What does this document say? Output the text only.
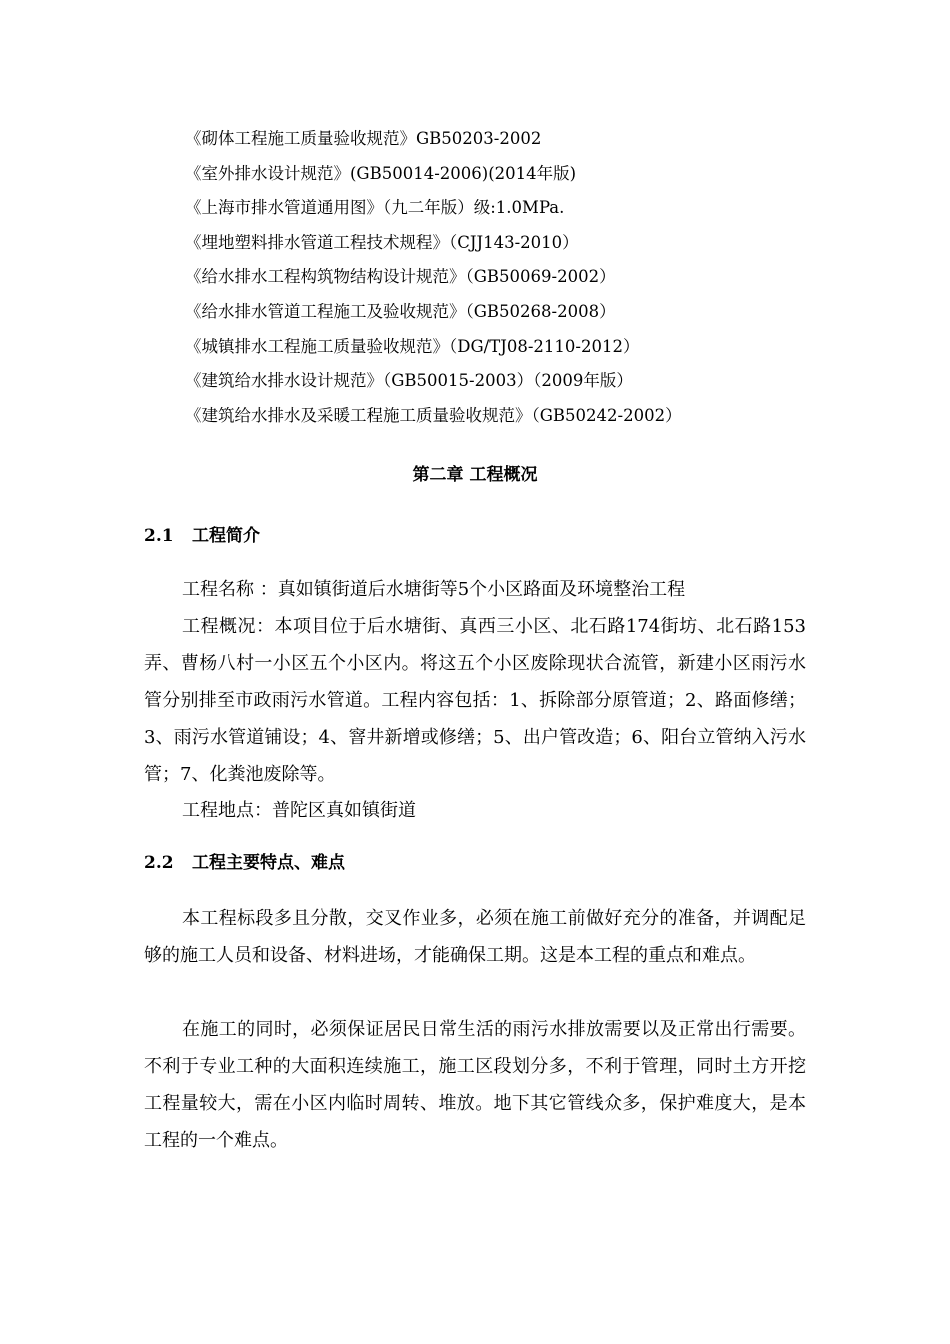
《砌体工程施工质量验收规范》GB50203-2002
《室外排水设计规范》(GB50014-2006)(2014年版)
《上海市排水管道通用图》（九二年版）级:1.0MPa.
《埋地塑料排水管道工程技术规程》（CJJ143-2010）
《给水排水工程构筑物结构设计规范》（GB50069-2002）
《给水排水管道工程施工及验收规范》（GB50268-2008）
《城镇排水工程施工质量验收规范》（DG/TJ08-2110-2012）
《建筑给水排水设计规范》（GB50015-2003）（2009年版）
《建筑给水排水及采暖工程施工质量验收规范》（GB50242-2002）
第二章 工程概况
2.1 工程简介

工程名称 ：真如镇街道后水塘街等5个小区路面及环境整治工程

工程概况：本项目位于后水塘街、真西三小区、北石路174街坊、北石路153弄、曹杨八村一小区五个小区内。将这五个小区废除现状合流管，新建小区雨污水管分别排至市政雨污水管道。工程内容包括：1、拆除部分原管道；2、路面修缮；3、雨污水管道铺设；4、窨井新增或修缮；5、出户管改造；6、阳台立管纳入污水管；7、化粪池废除等。

工程地点：普陀区真如镇街道

2.2 工程主要特点、难点

本工程标段多且分散，交叉作业多，必须在施工前做好充分的准备，并调配足够的施工人员和设备、材料进场，才能确保工期。这是本工程的重点和难点。

在施工的同时，必须保证居民日常生活的雨污水排放需要以及正常出行需要。不利于专业工种的大面积连续施工，施工区段划分多，不利于管理，同时土方开挖工程量较大，需在小区内临时周转、堆放。地下其它管线众多，保护难度大，是本工程的一个难点。
